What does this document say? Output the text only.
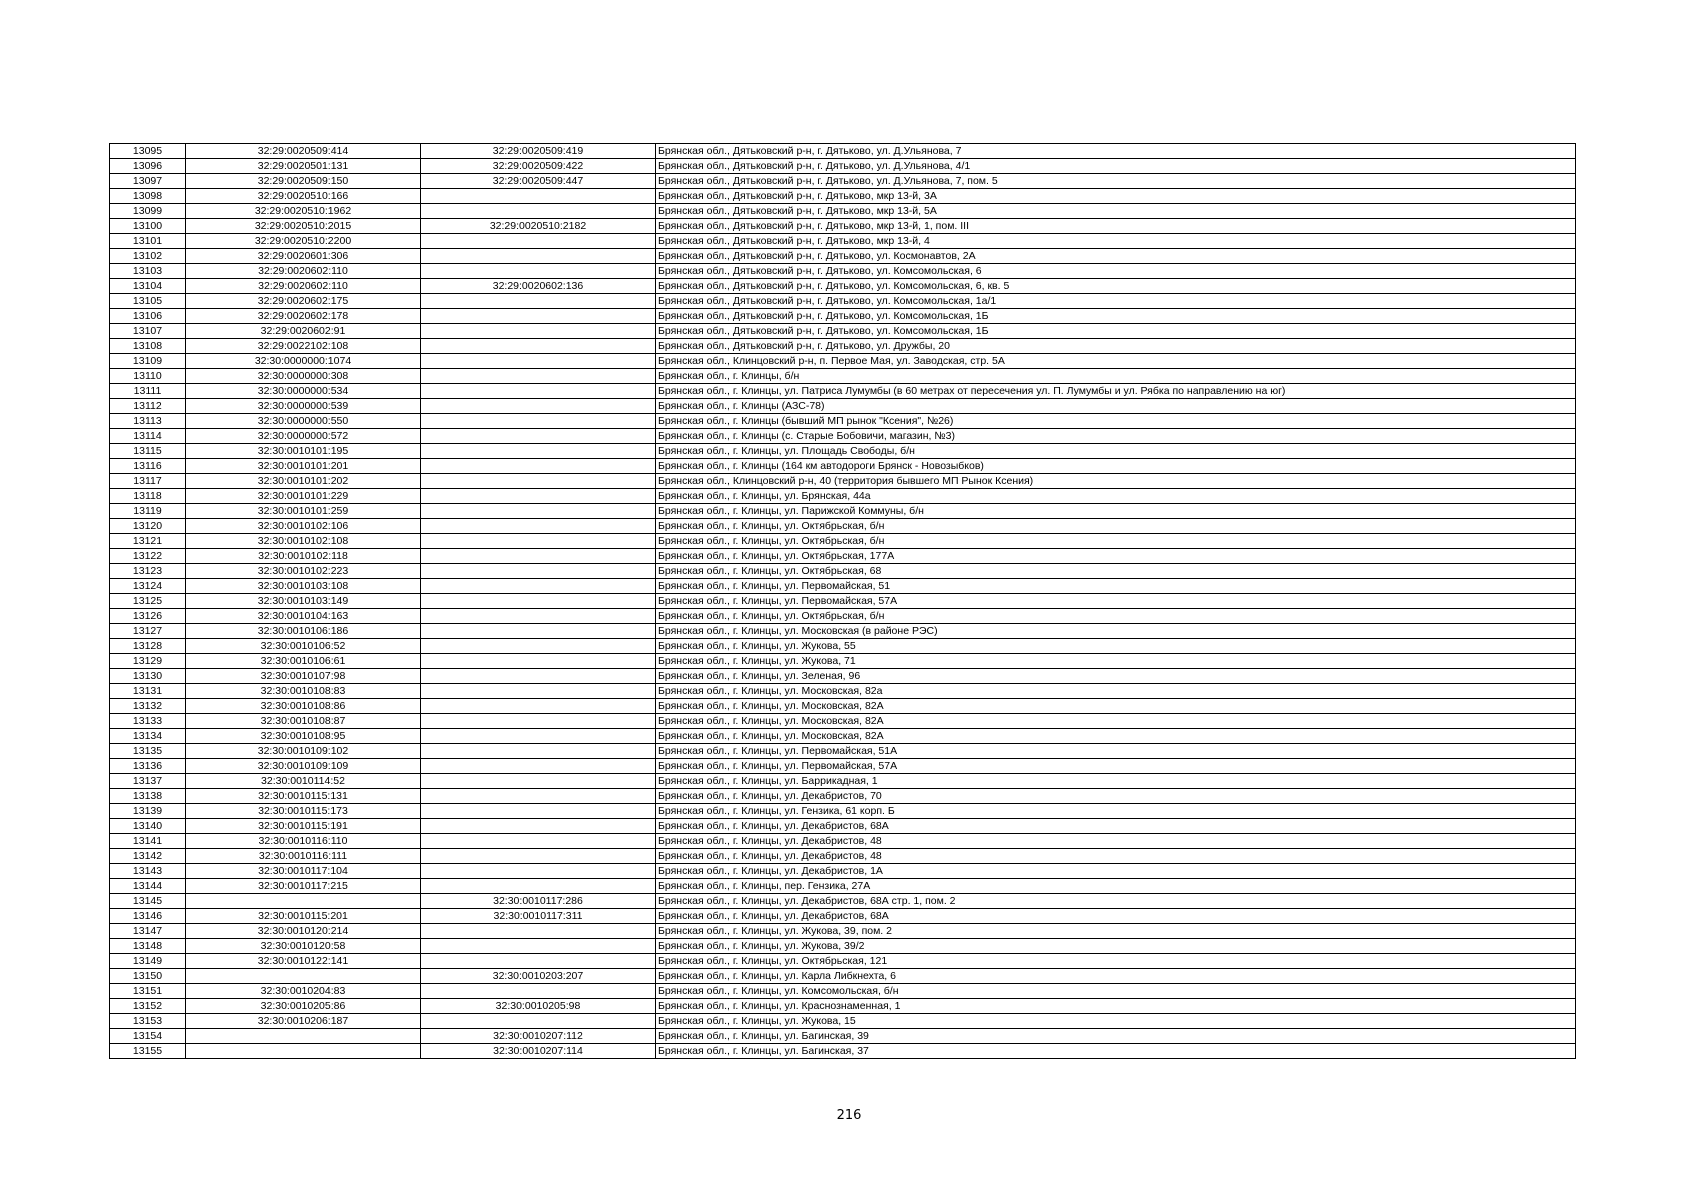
13095	32:29:0020509:414	32:29:0020509:419	Брянская обл., Дятьковский р-н, г. Дятьково, ул. Д.Ульянова, 7
13096	32:29:0020501:131	32:29:0020509:422	Брянская обл., Дятьковский р-н, г. Дятьково, ул. Д.Ульянова, 4/1
13097	32:29:0020509:150	32:29:0020509:447	Брянская обл., Дятьковский р-н, г. Дятьково, ул. Д.Ульянова, 7, пом. 5
13098	32:29:0020510:166		Брянская обл., Дятьковский р-н, г. Дятьково, мкр 13-й, 3А
13099	32:29:0020510:1962		Брянская обл., Дятьковский р-н, г. Дятьково, мкр 13-й, 5А
13100	32:29:0020510:2015	32:29:0020510:2182	Брянская обл., Дятьковский р-н, г. Дятьково, мкр 13-й, 1, пом. III
13101	32:29:0020510:2200		Брянская обл., Дятьковский р-н, г. Дятьково, мкр 13-й, 4
13102	32:29:0020601:306		Брянская обл., Дятьковский р-н, г. Дятьково, ул. Космонавтов, 2А
13103	32:29:0020602:110		Брянская обл., Дятьковский р-н, г. Дятьково, ул. Комсомольская, 6
13104	32:29:0020602:110	32:29:0020602:136	Брянская обл., Дятьковский р-н, г. Дятьково, ул. Комсомольская, 6, кв. 5
13105	32:29:0020602:175		Брянская обл., Дятьковский р-н, г. Дятьково, ул. Комсомольская, 1а/1
13106	32:29:0020602:178		Брянская обл., Дятьковский р-н, г. Дятьково, ул. Комсомольская, 1Б
13107	32:29:0020602:91		Брянская обл., Дятьковский р-н, г. Дятьково, ул. Комсомольская, 1Б
13108	32:29:0022102:108		Брянская обл., Дятьковский р-н, г. Дятьково, ул. Дружбы, 20
13109	32:30:0000000:1074		Брянская обл., Клинцовский р-н, п. Первое Мая, ул. Заводская, стр. 5А
13110	32:30:0000000:308		Брянская обл., г. Клинцы, б/н
13111	32:30:0000000:534		Брянская обл., г. Клинцы, ул. Патриса Лумумбы (в 60 метрах от пересечения ул. П. Лумумбы и ул. Рябка по направлению на юг)
13112	32:30:0000000:539		Брянская обл., г. Клинцы (АЗС-78)
13113	32:30:0000000:550		Брянская обл., г. Клинцы (бывший МП рынок "Ксения", №26)
13114	32:30:0000000:572		Брянская обл., г. Клинцы (с. Старые Бобовичи, магазин, №3)
13115	32:30:0010101:195		Брянская обл., г. Клинцы, ул. Площадь Свободы, б/н
13116	32:30:0010101:201		Брянская обл., г. Клинцы (164 км автодороги Брянск - Новозыбков)
13117	32:30:0010101:202		Брянская обл., Клинцовский р-н, 40 (территория бывшего МП Рынок Ксения)
13118	32:30:0010101:229		Брянская обл., г. Клинцы, ул. Брянская, 44а
13119	32:30:0010101:259		Брянская обл., г. Клинцы, ул. Парижской Коммуны, б/н
13120	32:30:0010102:106		Брянская обл., г. Клинцы, ул. Октябрьская, б/н
13121	32:30:0010102:108		Брянская обл., г. Клинцы, ул. Октябрьская, б/н
13122	32:30:0010102:118		Брянская обл., г. Клинцы, ул. Октябрьская, 177А
13123	32:30:0010102:223		Брянская обл., г. Клинцы, ул. Октябрьская, 68
13124	32:30:0010103:108		Брянская обл., г. Клинцы, ул. Первомайская, 51
13125	32:30:0010103:149		Брянская обл., г. Клинцы, ул. Первомайская, 57А
13126	32:30:0010104:163		Брянская обл., г. Клинцы, ул. Октябрьская, б/н
13127	32:30:0010106:186		Брянская обл., г. Клинцы, ул. Московская (в районе РЭС)
13128	32:30:0010106:52		Брянская обл., г. Клинцы, ул. Жукова, 55
13129	32:30:0010106:61		Брянская обл., г. Клинцы, ул. Жукова, 71
13130	32:30:0010107:98		Брянская обл., г. Клинцы, ул. Зеленая, 96
13131	32:30:0010108:83		Брянская обл., г. Клинцы, ул. Московская, 82а
13132	32:30:0010108:86		Брянская обл., г. Клинцы, ул. Московская, 82А
13133	32:30:0010108:87		Брянская обл., г. Клинцы, ул. Московская, 82А
13134	32:30:0010108:95		Брянская обл., г. Клинцы, ул. Московская, 82А
13135	32:30:0010109:102		Брянская обл., г. Клинцы, ул. Первомайская, 51А
13136	32:30:0010109:109		Брянская обл., г. Клинцы, ул. Первомайская, 57А
13137	32:30:0010114:52		Брянская обл., г. Клинцы, ул. Баррикадная, 1
13138	32:30:0010115:131		Брянская обл., г. Клинцы, ул. Декабристов, 70
13139	32:30:0010115:173		Брянская обл., г. Клинцы, ул. Гензика, 61 корп. Б
13140	32:30:0010115:191		Брянская обл., г. Клинцы, ул. Декабристов, 68А
13141	32:30:0010116:110		Брянская обл., г. Клинцы, ул. Декабристов, 48
13142	32:30:0010116:111		Брянская обл., г. Клинцы, ул. Декабристов, 48
13143	32:30:0010117:104		Брянская обл., г. Клинцы, ул. Декабристов, 1А
13144	32:30:0010117:215		Брянская обл., г. Клинцы, пер. Гензика, 27А
13145		32:30:0010117:286	Брянская обл., г. Клинцы, ул. Декабристов, 68А стр. 1, пом. 2
13146	32:30:0010115:201	32:30:0010117:311	Брянская обл., г. Клинцы, ул. Декабристов, 68А
13147	32:30:0010120:214		Брянская обл., г. Клинцы, ул. Жукова, 39, пом. 2
13148	32:30:0010120:58		Брянская обл., г. Клинцы, ул. Жукова, 39/2
13149	32:30:0010122:141		Брянская обл., г. Клинцы, ул. Октябрьская, 121
13150		32:30:0010203:207	Брянская обл., г. Клинцы, ул. Карла Либкнехта, 6
13151	32:30:0010204:83		Брянская обл., г. Клинцы, ул. Комсомольская, б/н
13152	32:30:0010205:86	32:30:0010205:98	Брянская обл., г. Клинцы, ул. Краснознаменная, 1
13153	32:30:0010206:187		Брянская обл., г. Клинцы, ул. Жукова, 15
13154		32:30:0010207:112	Брянская обл., г. Клинцы, ул. Багинская, 39
13155		32:30:0010207:114	Брянская обл., г. Клинцы, ул. Багинская, 37
216
